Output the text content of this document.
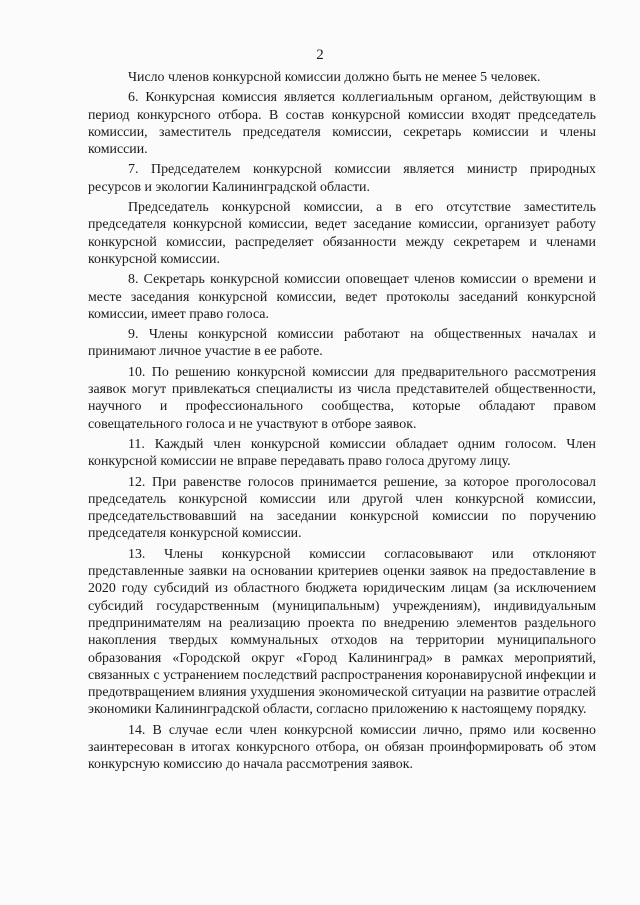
2

Число членов конкурсной комиссии должно быть не менее 5 человек.

6. Конкурсная комиссия является коллегиальным органом, действующим в период конкурсного отбора. В состав конкурсной комиссии входят председатель комиссии, заместитель председателя комиссии, секретарь комиссии и члены комиссии.

7. Председателем конкурсной комиссии является министр природных ресурсов и экологии Калининградской области.

Председатель конкурсной комиссии, а в его отсутствие заместитель председателя конкурсной комиссии, ведет заседание комиссии, организует работу конкурсной комиссии, распределяет обязанности между секретарем и членами конкурсной комиссии.

8. Секретарь конкурсной комиссии оповещает членов комиссии о времени и месте заседания конкурсной комиссии, ведет протоколы заседаний конкурсной комиссии, имеет право голоса.

9. Члены конкурсной комиссии работают на общественных началах и принимают личное участие в ее работе.

10. По решению конкурсной комиссии для предварительного рассмотрения заявок могут привлекаться специалисты из числа представителей общественности, научного и профессионального сообщества, которые обладают правом совещательного голоса и не участвуют в отборе заявок.

11. Каждый член конкурсной комиссии обладает одним голосом. Член конкурсной комиссии не вправе передавать право голоса другому лицу.

12. При равенстве голосов принимается решение, за которое проголосовал председатель конкурсной комиссии или другой член конкурсной комиссии, председательствовавший на заседании конкурсной комиссии по поручению председателя конкурсной комиссии.

13. Члены конкурсной комиссии согласовывают или отклоняют представленные заявки на основании критериев оценки заявок на предоставление в 2020 году субсидий из областного бюджета юридическим лицам (за исключением субсидий государственным (муниципальным) учреждениям), индивидуальным предпринимателям на реализацию проекта по внедрению элементов раздельного накопления твердых коммунальных отходов на территории муниципального образования «Городской округ «Город Калининград» в рамках мероприятий, связанных с устранением последствий распространения коронавирусной инфекции и предотвращением влияния ухудшения экономической ситуации на развитие отраслей экономики Калининградской области, согласно приложению к настоящему порядку.

14. В случае если член конкурсной комиссии лично, прямо или косвенно заинтересован в итогах конкурсного отбора, он обязан проинформировать об этом конкурсную комиссию до начала рассмотрения заявок.
